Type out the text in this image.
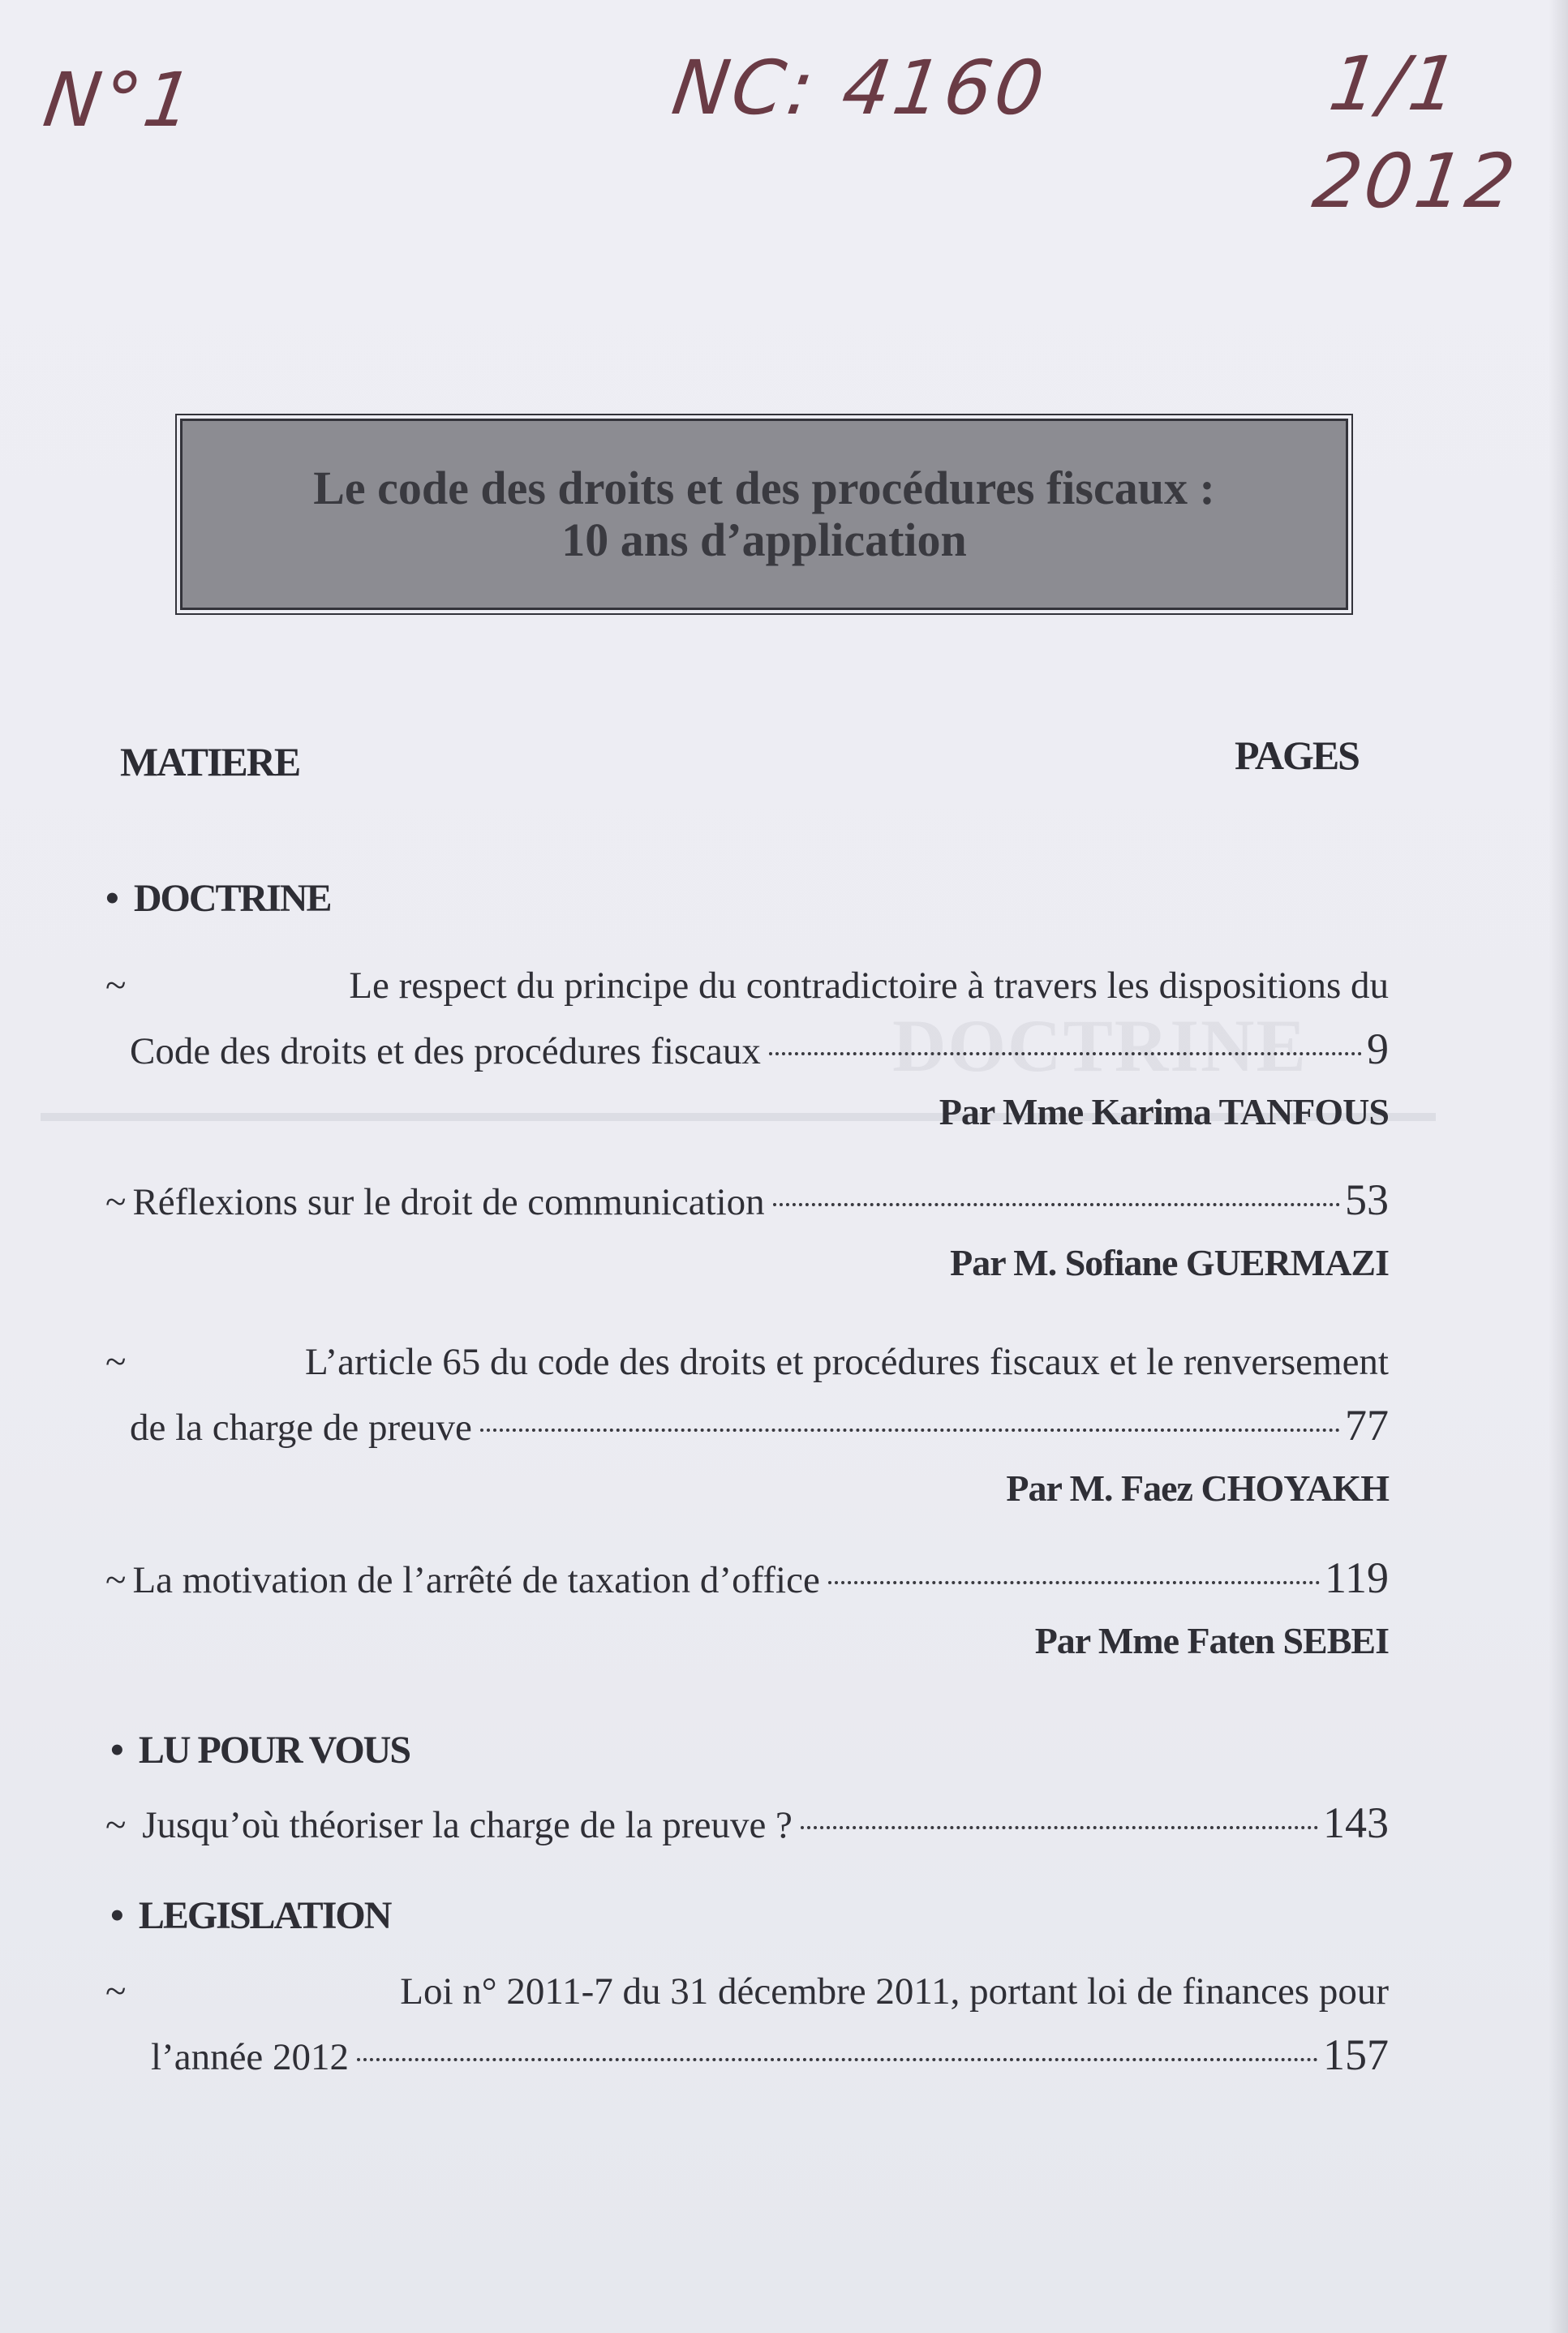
N°1	NC: 4160	1/1
2012
Le code des droits et des procédures fiscaux :
10 ans d’application
DOCTRINE
MATIERE	PAGES
• DOCTRINE
~	Le respect du principe du contradictoire à travers les dispositions du
Code des droits et des procédures fiscaux	9
Par Mme Karima TANFOUS
~ Réflexions sur le droit de communication	53
Par M. Sofiane GUERMAZI
~	L’article 65 du code des droits et procédures fiscaux et le renversement
de la charge de preuve	77
Par M. Faez CHOYAKH
~ La motivation de l’arrêté de taxation d’office	119
Par Mme Faten SEBEI
• LU POUR VOUS
~ Jusqu’où théoriser la charge de la preuve ?	143
• LEGISLATION
~	Loi n° 2011-7 du 31 décembre 2011, portant loi de finances pour
l’année 2012	157
